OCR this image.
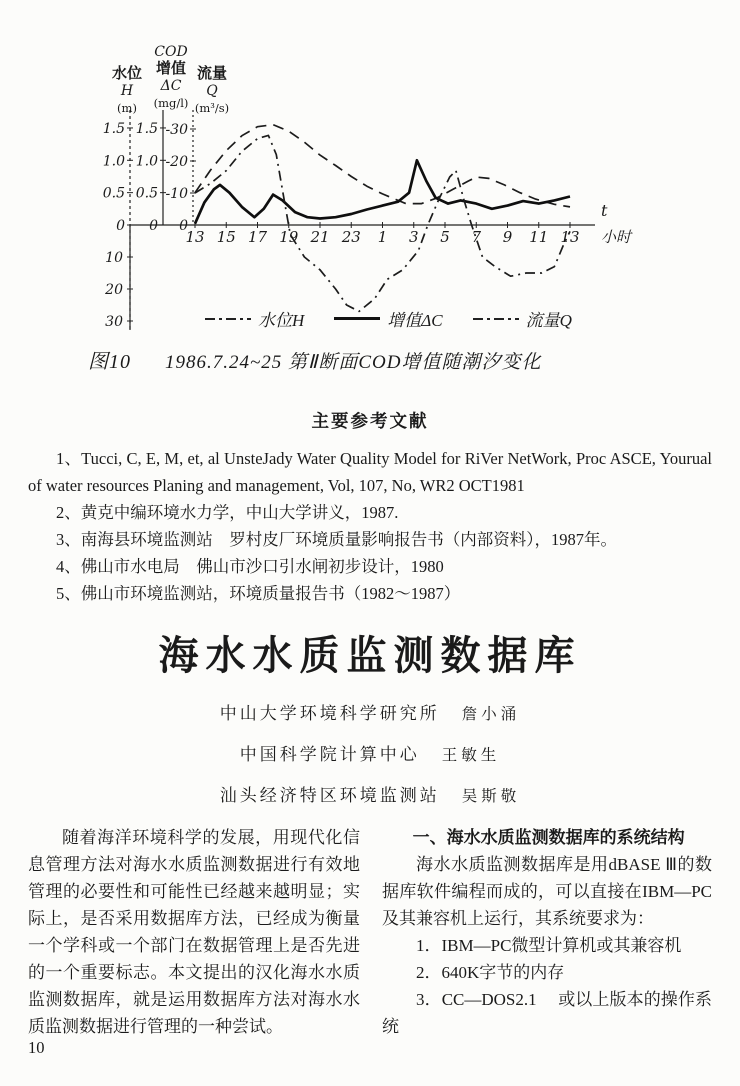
13 15 17 19 21 23 1 3 5 7 9 11 13
t
小时
1.5
1.0
0.5
0
1.5
1.0
0.5
0
-30
-20
-10
0
10
20
30
水位
H
(m)
COD
增值
ΔC
(mg/l)
流量
Q
(m³/s)
水位H	增值ΔC	流量Q
图10 1986.7.24~25 第Ⅱ断面COD增值随潮汐变化
主要参考文献

1、Tucci, C, E, M, et, al UnsteJady Water Quality Model for RiVer NetWork, Proc ASCE, Yourual of water resources Planing and management, Vol, 107, No, WR2 OCT1981

2、黄克中编环境水力学，中山大学讲义，1987.

3、南海县环境监测站　罗村皮厂环境质量影响报告书（内部资料），1987年。

4、佛山市水电局　佛山市沙口引水闸初步设计，1980

5、佛山市环境监测站，环境质量报告书（1982～1987）

海水水质监测数据库
中山大学环境科学研究所 詹小涌
中国科学院计算中心 王敏生
汕头经济特区环境监测站 吴斯敬

随着海洋环境科学的发展，用现代化信息管理方法对海水水质监测数据进行有效地管理的必要性和可能性已经越来越明显；实际上，是否采用数据库方法，已经成为衡量一个学科或一个部门在数据管理上是否先进的一个重要标志。本文提出的汉化海水水质监测数据库，就是运用数据库方法对海水水质监测数据进行管理的一种尝试。

一、海水水质监测数据库的系统结构

海水水质监测数据库是用dBASE Ⅲ的数据库软件编程而成的，可以直接在IBM—PC及其兼容机上运行，其系统要求为：

1．IBM—PC微型计算机或其兼容机

2．640K字节的内存

3．CC—DOS2.1　 或以上版本的操作系统

10
